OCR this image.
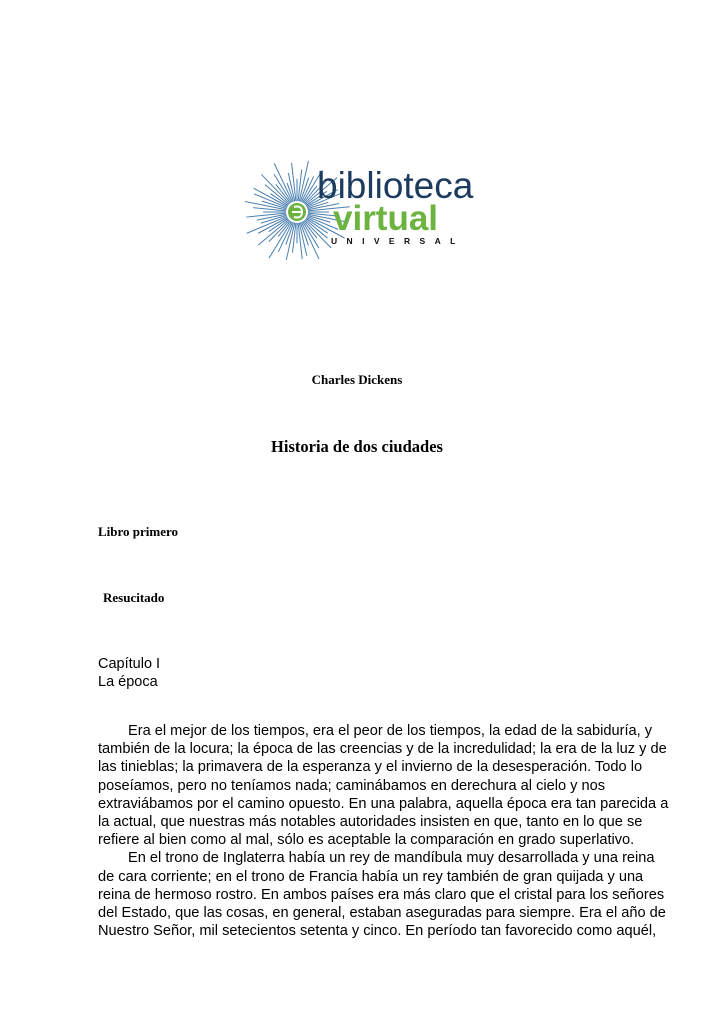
biblioteca
virtual
UNIVERSAL
Charles Dickens
Historia de dos ciudades
Libro primero
Resucitado
Capítulo I
La época
Era el mejor de los tiempos, era el peor de los tiempos, la edad de la sabiduría, y
también de la locura; la época de las creencias y de la incredulidad; la era de la luz y de
las tinieblas; la primavera de la esperanza y el invierno de la desesperación. Todo lo
poseíamos, pero no teníamos nada; caminábamos en derechura al cielo y nos
extraviábamos por el camino opuesto. En una palabra, aquella época era tan parecida a
la actual, que nuestras más notables autoridades insisten en que, tanto en lo que se
refiere al bien como al mal, sólo es aceptable la comparación en grado superlativo.
En el trono de Inglaterra había un rey de mandíbula muy desarrollada y una reina
de cara corriente; en el trono de Francia había un rey también de gran quijada y una
reina de hermoso rostro. En ambos países era más claro que el cristal para los señores
del Estado, que las cosas, en general, estaban aseguradas para siempre. Era el año de
Nuestro Señor, mil setecientos setenta y cinco. En período tan favorecido como aquél,
